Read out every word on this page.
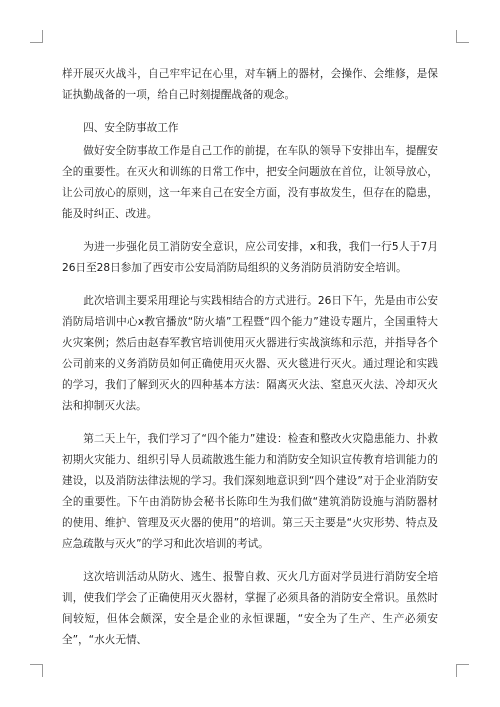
样开展灭火战斗，自己牢牢记在心里，对车辆上的器材，会操作、会维修，是保证执勤战备的一项，给自己时刻提醒战备的观念。

四、安全防事故工作

做好安全防事故工作是自己工作的前提，在车队的领导下安排出车，提醒安全的重要性。在灭火和训练的日常工作中，把安全问题放在首位，让领导放心，让公司放心的原则，这一年来自己在安全方面，没有事故发生，但存在的隐患，能及时纠正、改进。

为进一步强化员工消防安全意识，应公司安排，x和我，我们一行5人于7月26日至28日参加了西安市公安局消防局组织的义务消防员消防安全培训。

此次培训主要采用理论与实践相结合的方式进行。26日下午，先是由市公安消防局培训中心x教官播放“防火墙”工程暨“四个能力”建设专题片，全国重特大火灾案例；然后由赵春军教官培训使用灭火器进行实战演练和示范，并指导各个公司前来的义务消防员如何正确使用灭火器、灭火毯进行灭火。通过理论和实践的学习，我们了解到灭火的四种基本方法：隔离灭火法、窒息灭火法、冷却灭火法和抑制灭火法。

第二天上午，我们学习了“四个能力”建设：检查和整改火灾隐患能力、扑救初期火灾能力、组织引导人员疏散逃生能力和消防安全知识宣传教育培训能力的建设，以及消防法律法规的学习。我们深刻地意识到“四个建设”对于企业消防安全的重要性。下午由消防协会秘书长陈印生为我们做“建筑消防设施与消防器材的使用、维护、管理及灭火器的使用”的培训。第三天主要是“火灾形势、特点及应急疏散与灭火”的学习和此次培训的考试。

这次培训活动从防火、逃生、报警自救、灭火几方面对学员进行消防安全培训，使我们学会了正确使用灭火器材，掌握了必须具备的消防安全常识。虽然时间较短，但体会颇深，安全是企业的永恒课题，“安全为了生产、生产必须安全”，“水火无情、
